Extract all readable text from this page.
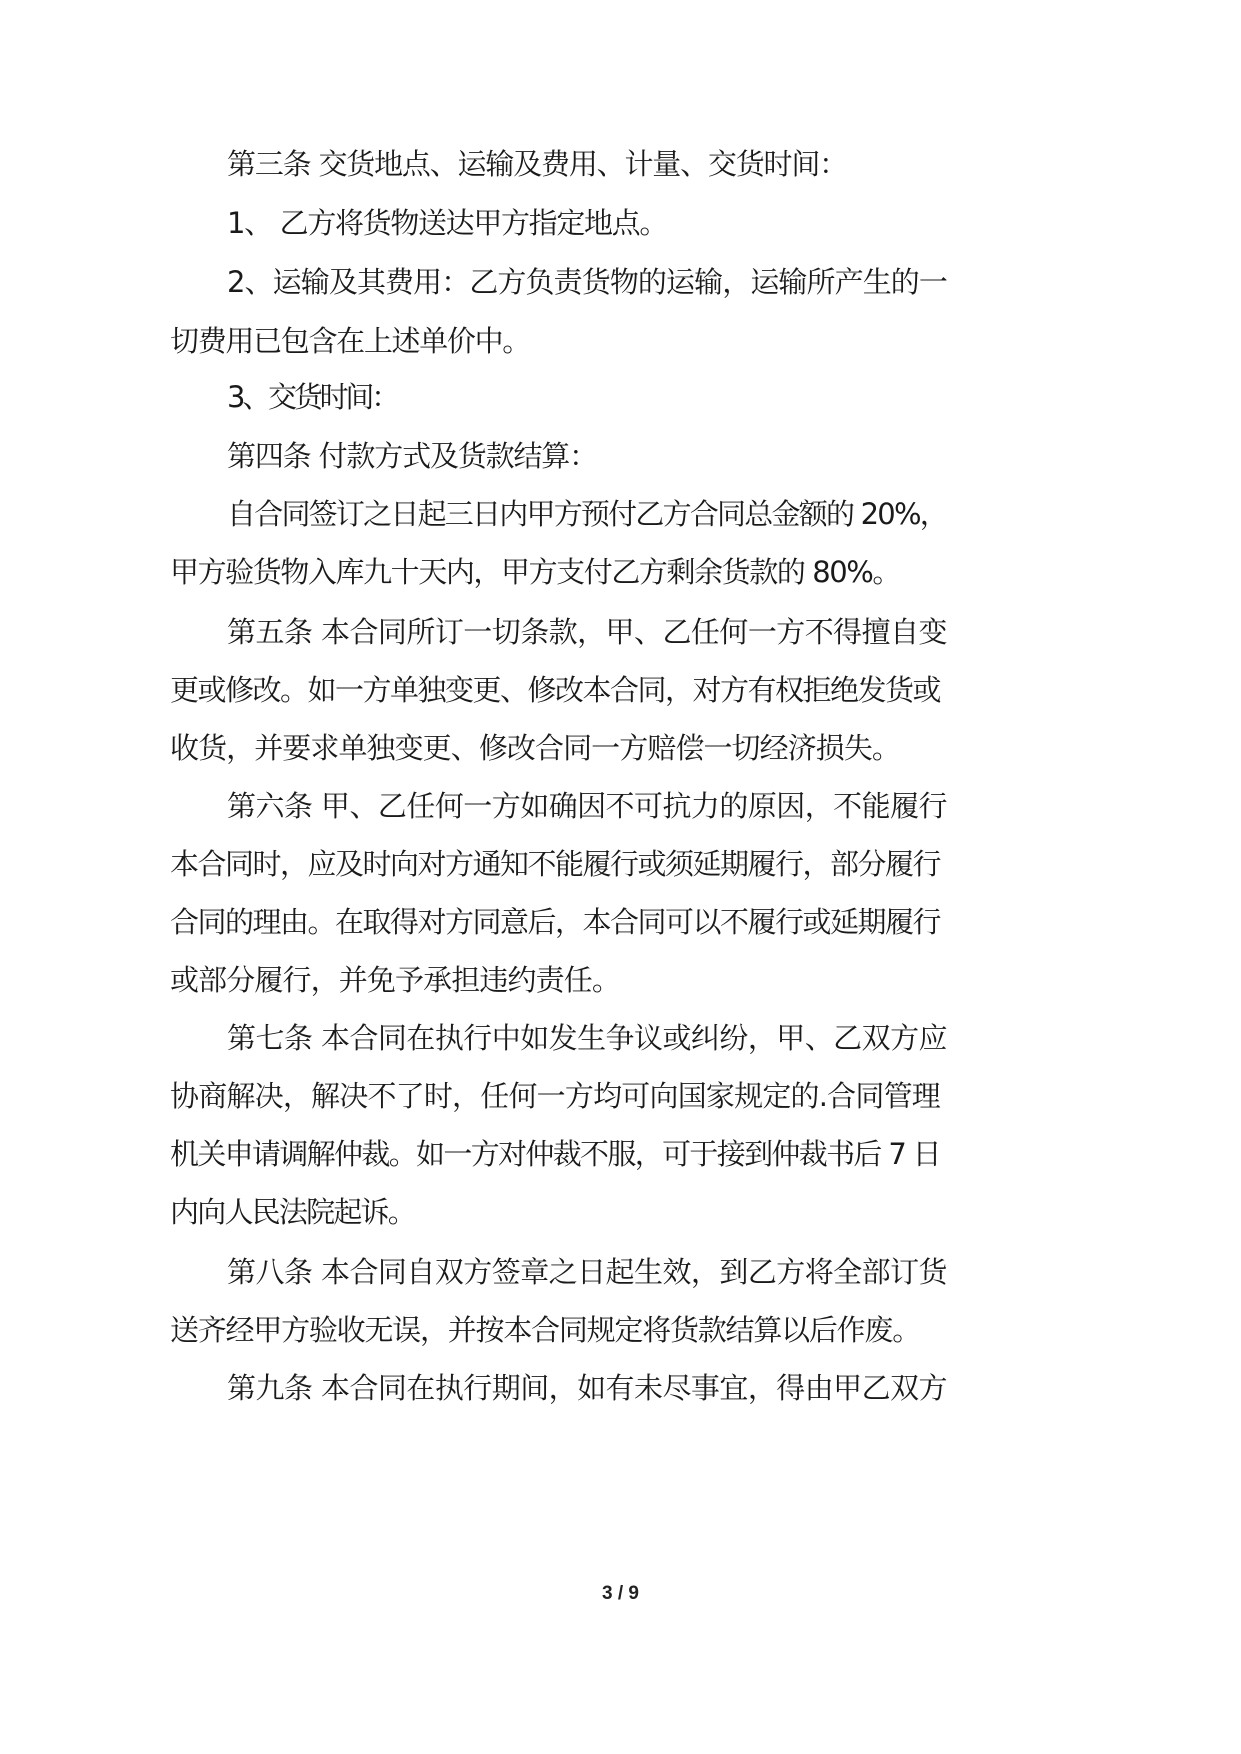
第三条 交货地点、运输及费用、计量、交货时间：
1、 乙方将货物送达甲方指定地点。
2、运输及其费用：乙方负责货物的运输，运输所产生的一
切费用已包含在上述单价中。
3、交货时间：
第四条 付款方式及货款结算：
自合同签订之日起三日内甲方预付乙方合同总金额的 20%，
甲方验货物入库九十天内，甲方支付乙方剩余货款的 80%。
第五条 本合同所订一切条款，甲、乙任何一方不得擅自变
更或修改。如一方单独变更、修改本合同，对方有权拒绝发货或
收货，并要求单独变更、修改合同一方赔偿一切经济损失。
第六条 甲、乙任何一方如确因不可抗力的原因，不能履行
本合同时，应及时向对方通知不能履行或须延期履行，部分履行
合同的理由。在取得对方同意后，本合同可以不履行或延期履行
或部分履行，并免予承担违约责任。
第七条 本合同在执行中如发生争议或纠纷，甲、乙双方应
协商解决，解决不了时，任何一方均可向国家规定的.合同管理
机关申请调解仲裁。如一方对仲裁不服，可于接到仲裁书后 7 日
内向人民法院起诉。
第八条 本合同自双方签章之日起生效，到乙方将全部订货
送齐经甲方验收无误，并按本合同规定将货款结算以后作废。
第九条 本合同在执行期间，如有未尽事宜，得由甲乙双方
3 / 9
